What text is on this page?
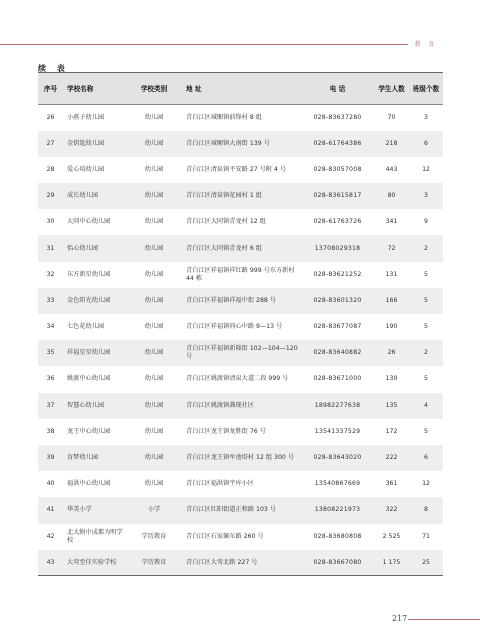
教 育
续 表
序号	学校名称	学校类别	地 址	电 话	学生人数	班级个数
26	小燕子幼儿园	幼儿园	青白江区城厢镇前锋村 8 组	028-83637280	70	3
27	金钥匙幼儿园	幼儿园	青白江区城厢镇大南街 139 号	028-61764386	218	6
28	爱心培幼儿园	幼儿园	青白江区清泉镇平安路 27 号附 4 号	028-83057008	443	12
29	成长幼儿园	幼儿园	青白江区清泉镇花园村 1 组	028-83615817	80	3
30	大同中心幼儿园	幼儿园	青白江区大同镇青龙村 12 组	028-61763726	341	9
31	怡心幼儿园	幼儿园	青白江区大同镇青龙村 6 组	13708029318	72	2
32	东方新星幼儿园	幼儿园	青白江区祥福镇祥红路 999 号东方新村 44 栋	028-83621252	131	5
33	金色阳光幼儿园	幼儿园	青白江区祥福镇祥福中街 288 号	028-83601320	166	5
34	七色花幼儿园	幼儿园	青白江区祥福镇同心中路 9—13 号	028-83677087	190	5
35	祥福星星幼儿园	幼儿园	青白江区祥福镇新隆街 102—104—120 号	028-83640882	26	2
36	姚渡中心幼儿园	幼儿园	青白江区姚渡镇清泉大道二段 999 号	028-83671000	130	5
37	智慧心幼儿园	幼儿园	青白江区姚渡镇龚现社区	18982277638	135	4
38	龙王中心幼儿园	幼儿园	青白江区龙王镇龙胜街 76 号	13541337529	172	5
39	育梦幼儿园	幼儿园	青白江区龙王镇牟池塔村 12 组 300 号	028-83643020	222	6
40	福洪中心幼儿园	幼儿园	青白江区福洪镇宇库小区	13540867669	361	12
41	华美小学	小学	青白江区红阳街道正和路 103 号	13808221973	322	8
42	北大附中成都为明学校	学历教育	青白江区石家碾东路 260 号	028-83680808	2 525	71
43	大弯至佳实验学校	学历教育	青白江区大弯北路 227 号	028-83667080	1 175	25
217
